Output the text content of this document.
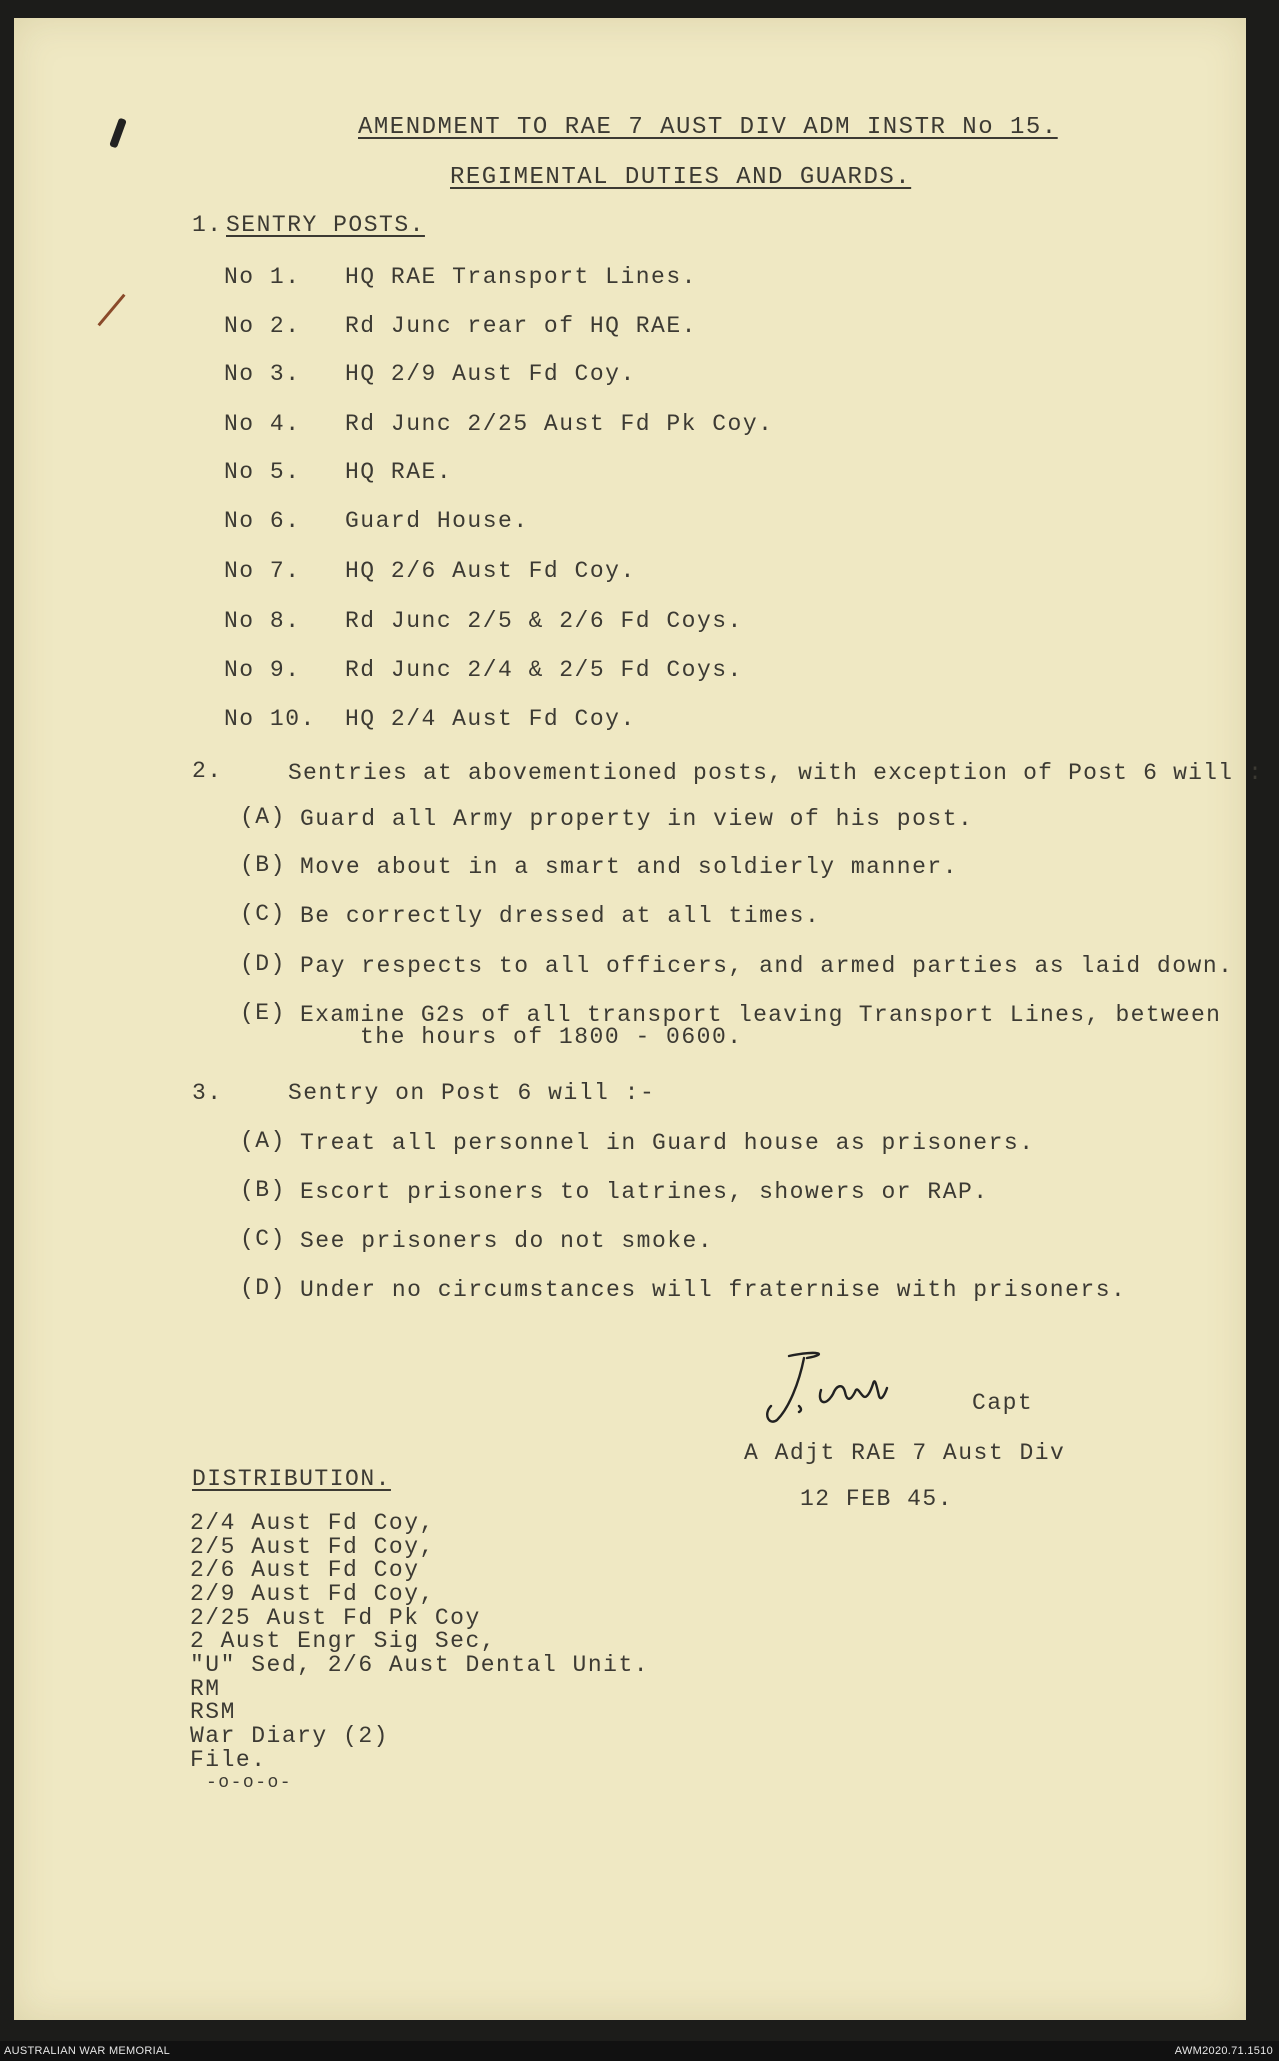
AMENDMENT TO RAE 7 AUST DIV ADM INSTR No 15.
REGIMENTAL DUTIES AND GUARDS.
1. SENTRY POSTS.
No 1. HQ RAE Transport Lines.
No 2. Rd Junc rear of HQ RAE.
No 3. HQ 2/9 Aust Fd Coy.
No 4. Rd Junc 2/25 Aust Fd Pk Coy.
No 5. HQ RAE.
No 6. Guard House.
No 7. HQ 2/6 Aust Fd Coy.
No 8. Rd Junc 2/5 & 2/6 Fd Coys.
No 9. Rd Junc 2/4 & 2/5 Fd Coys.
No 10. HQ 2/4 Aust Fd Coy.
2.	Sentries at abovementioned posts, with exception of Post 6 will :
(A) Guard all Army property in view of his post.
(B) Move about in a smart and soldierly manner.
(C) Be correctly dressed at all times.
(D) Pay respects to all officers, and armed parties as laid down.
(E) Examine G2s of all transport leaving Transport Lines, between
the hours of 1800 - 0600.
3.	Sentry on Post 6 will :-
(A) Treat all personnel in Guard house as prisoners.
(B) Escort prisoners to latrines, showers or RAP.
(C) See prisoners do not smoke.
(D) Under no circumstances will fraternise with prisoners.
Capt
A Adjt RAE 7 Aust Div
12 FEB 45.
DISTRIBUTION.
2/4 Aust Fd Coy,
2/5 Aust Fd Coy,
2/6 Aust Fd Coy
2/9 Aust Fd Coy,
2/25 Aust Fd Pk Coy
2 Aust Engr Sig Sec,
"U" Sed, 2/6 Aust Dental Unit.
RM
RSM
War Diary (2)
File.
-o-o-o-
AUSTRALIAN WAR MEMORIAL	AWM2020.71.1510
